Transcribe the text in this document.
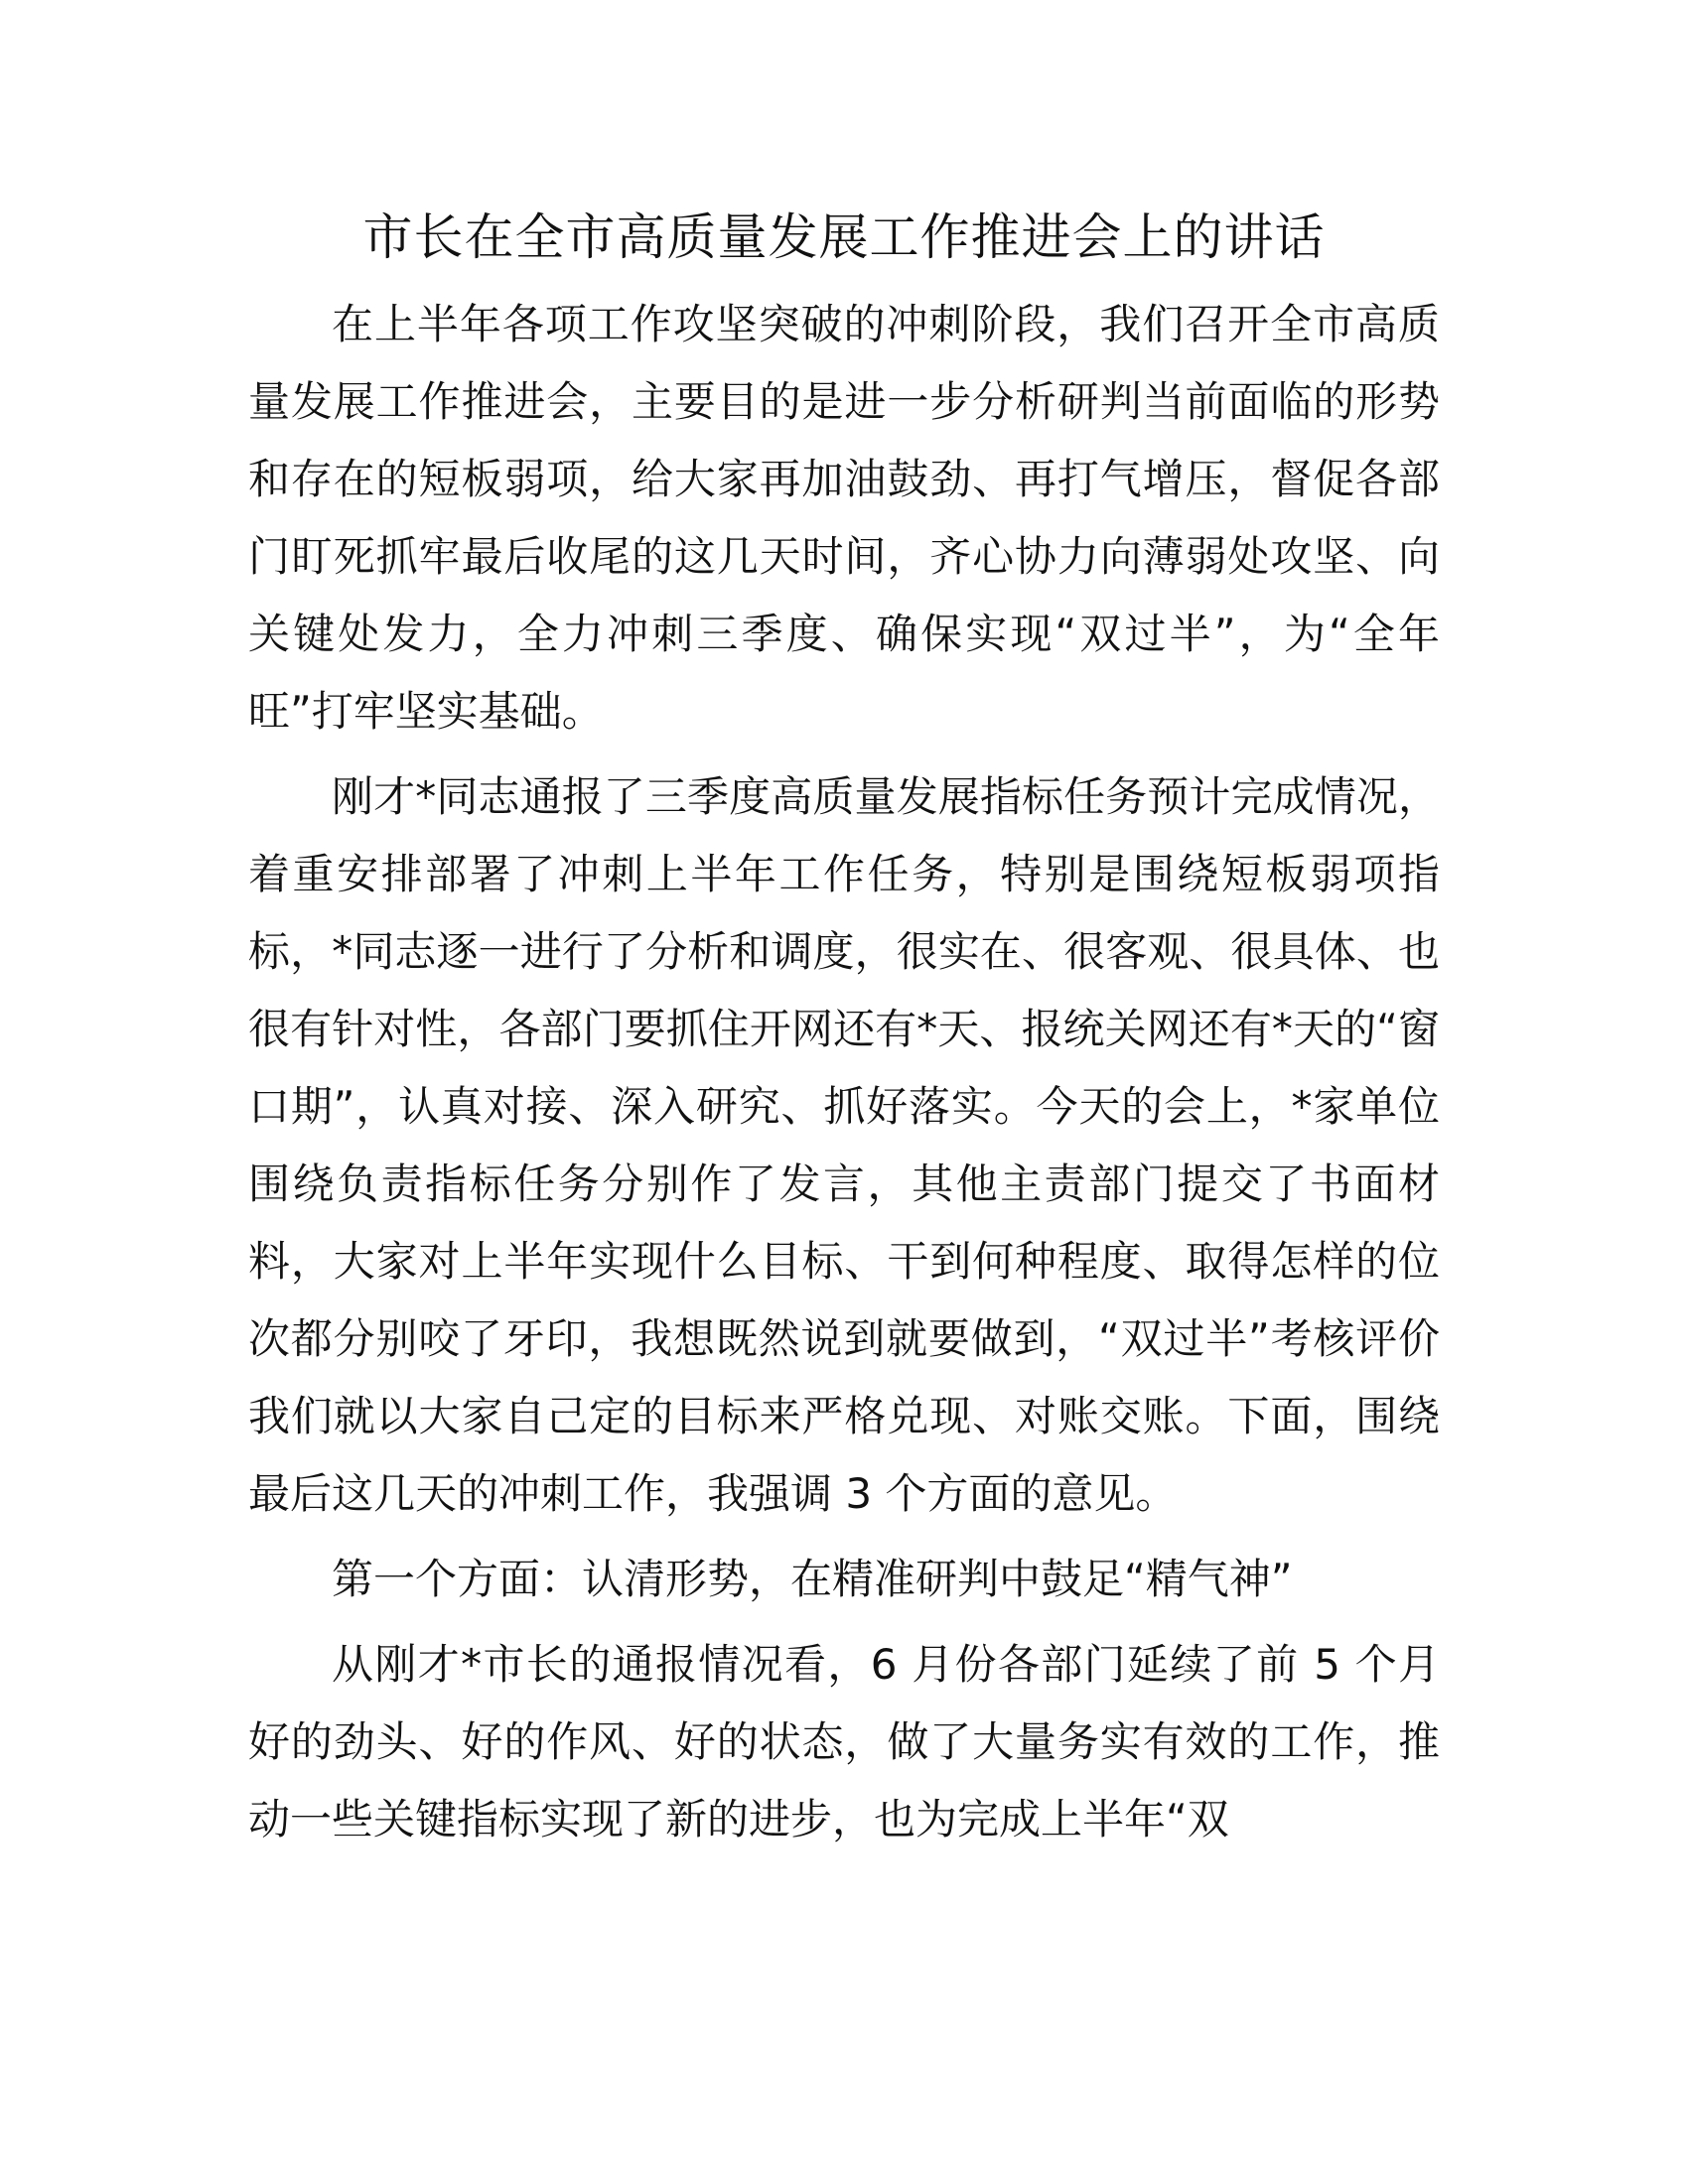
市长在全市高质量发展工作推进会上的讲话

在上半年各项工作攻坚突破的冲刺阶段，我们召开全市高质量发展工作推进会，主要目的是进一步分析研判当前面临的形势和存在的短板弱项，给大家再加油鼓劲、再打气增压，督促各部门盯死抓牢最后收尾的这几天时间，齐心协力向薄弱处攻坚、向关键处发力，全力冲刺三季度、确保实现“双过半”，为“全年旺”打牢坚实基础。

刚才*同志通报了三季度高质量发展指标任务预计完成情况，着重安排部署了冲刺上半年工作任务，特别是围绕短板弱项指标，*同志逐一进行了分析和调度，很实在、很客观、很具体、也很有针对性，各部门要抓住开网还有*天、报统关网还有*天的“窗口期”，认真对接、深入研究、抓好落实。今天的会上，*家单位围绕负责指标任务分别作了发言，其他主责部门提交了书面材料，大家对上半年实现什么目标、干到何种程度、取得怎样的位次都分别咬了牙印，我想既然说到就要做到，“双过半”考核评价我们就以大家自己定的目标来严格兑现、对账交账。下面，围绕最后这几天的冲刺工作，我强调 3 个方面的意见。

第一个方面：认清形势，在精准研判中鼓足“精气神”

从刚才*市长的通报情况看，6 月份各部门延续了前 5 个月好的劲头、好的作风、好的状态，做了大量务实有效的工作，推动一些关键指标实现了新的进步，也为完成上半年“双
